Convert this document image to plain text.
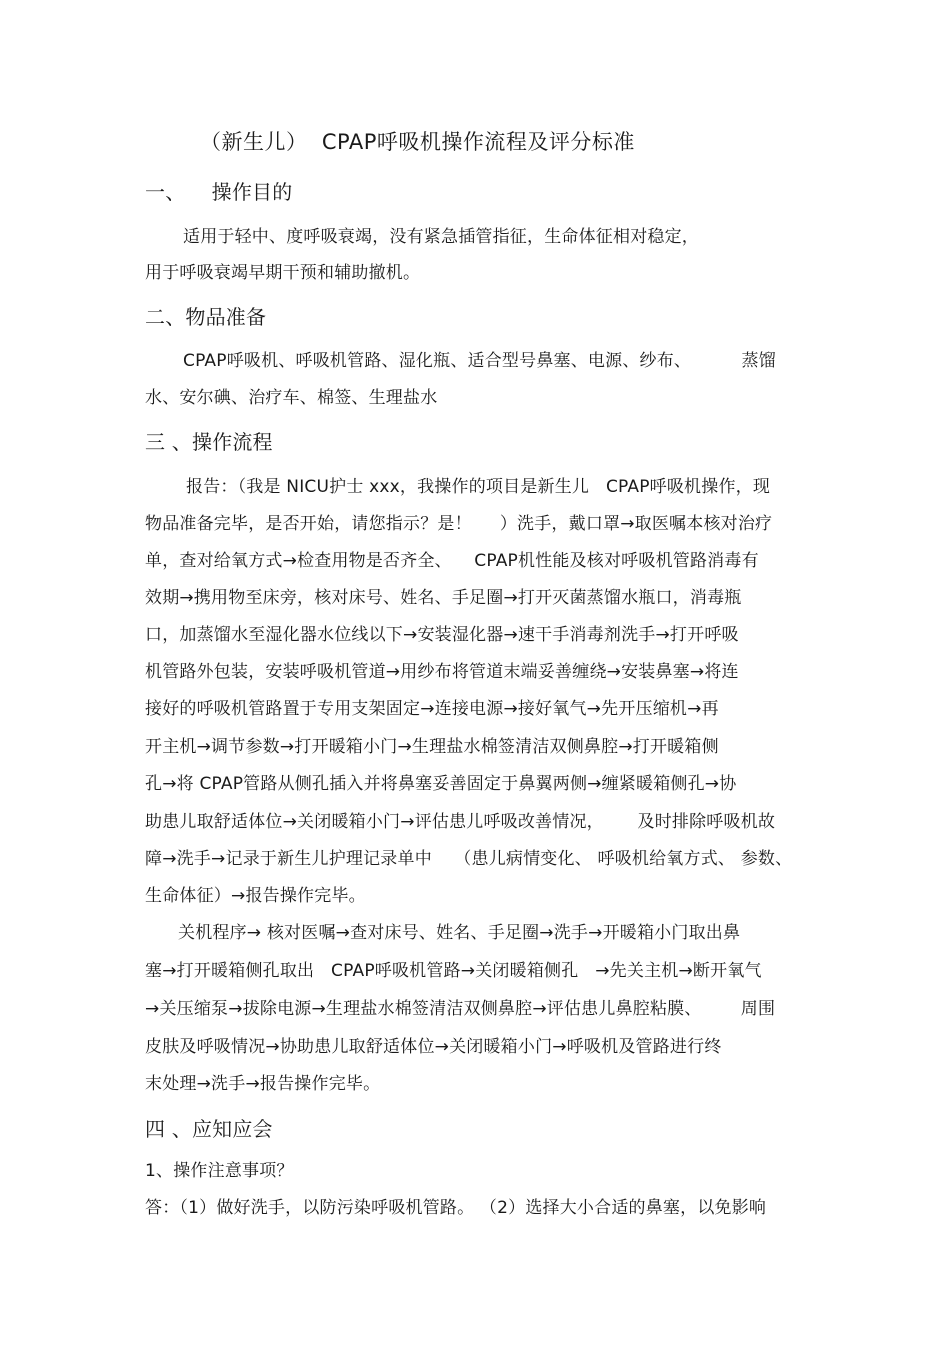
（新生儿）  CPAP呼吸机操作流程及评分标准
一、    操作目的
适用于轻中、度呼吸衰竭，没有紧急插管指征，生命体征相对稳定，
用于呼吸衰竭早期干预和辅助撤机。
二、物品准备
CPAP呼吸机、呼吸机管路、湿化瓶、适合型号鼻塞、电源、纱布、         蒸馏
水、安尔碘、治疗车、棉签、生理盐水
三 、操作流程
报告：（我是 NICU护士 xxx，我操作的项目是新生儿   CPAP呼吸机操作，现
物品准备完毕，是否开始，请您指示？是！     ）洗手，戴口罩→取医嘱本核对治疗
单，查对给氧方式→检查用物是否齐全、    CPAP机性能及核对呼吸机管路消毒有
效期→携用物至床旁，核对床号、姓名、手足圈→打开灭菌蒸馏水瓶口，消毒瓶
口，加蒸馏水至湿化器水位线以下→安装湿化器→速干手消毒剂洗手→打开呼吸
机管路外包装，安装呼吸机管道→用纱布将管道末端妥善缠绕→安装鼻塞→将连
接好的呼吸机管路置于专用支架固定→连接电源→接好氧气→先开压缩机→再
开主机→调节参数→打开暖箱小门→生理盐水棉签清洁双侧鼻腔→打开暖箱侧
孔→将 CPAP管路从侧孔插入并将鼻塞妥善固定于鼻翼两侧→缠紧暖箱侧孔→协
助患儿取舒适体位→关闭暖箱小门→评估患儿呼吸改善情况，      及时排除呼吸机故
障→洗手→记录于新生儿护理记录单中    （患儿病情变化、 呼吸机给氧方式、 参数、
生命体征）→报告操作完毕。
关机程序→ 核对医嘱→查对床号、姓名、手足圈→洗手→开暖箱小门取出鼻
塞→打开暖箱侧孔取出   CPAP呼吸机管路→关闭暖箱侧孔   →先关主机→断开氧气
→关压缩泵→拔除电源→生理盐水棉签清洁双侧鼻腔→评估患儿鼻腔粘膜、       周围
皮肤及呼吸情况→协助患儿取舒适体位→关闭暖箱小门→呼吸机及管路进行终
末处理→洗手→报告操作完毕。
四 、应知应会
1、操作注意事项？
答：（1）做好洗手，以防污染呼吸机管路。 （2）选择大小合适的鼻塞，以免影响
